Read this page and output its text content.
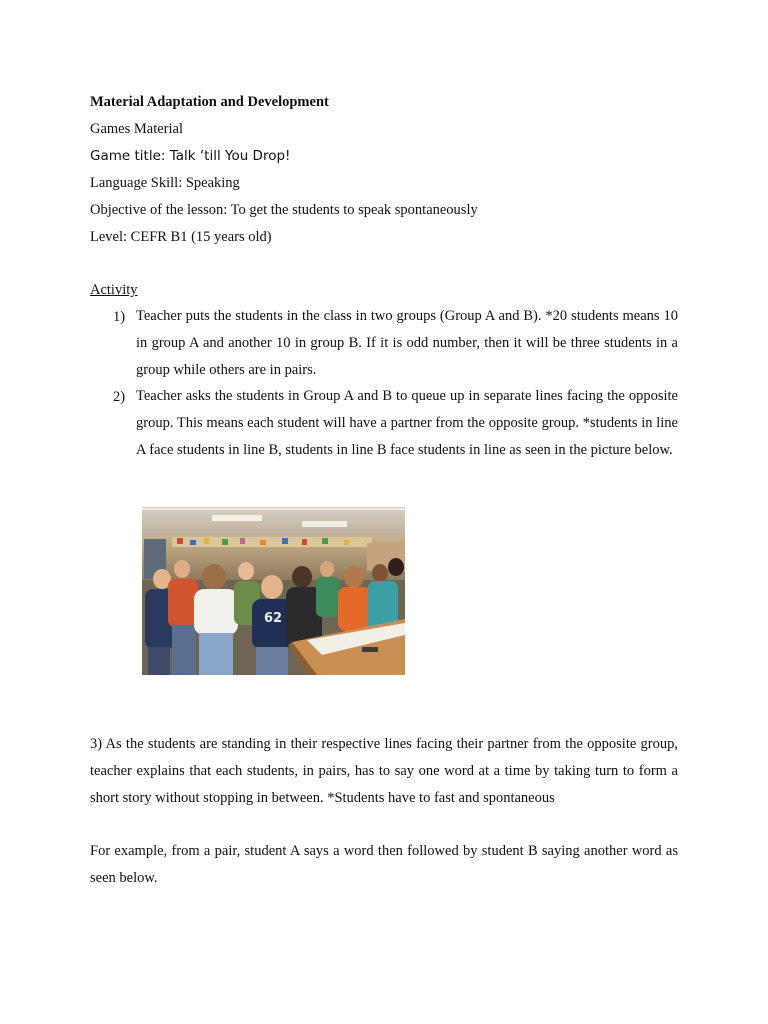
Material Adaptation and Development
Games Material
Game title: Talk ‘till You Drop!
Language Skill: Speaking
Objective of the lesson: To get the students to speak spontaneously
Level: CEFR B1 (15 years old)
Activity
1) Teacher puts the students in the class in two groups (Group A and B). *20 students means 10 in group A and another 10 in group B. If it is odd number, then it will be three students in a group while others are in pairs.
2) Teacher asks the students in Group A and B to queue up in separate lines facing the opposite group. This means each student will have a partner from the opposite group. *students in line A face students in line B, students in line B face students in line as seen in the picture below.
62
3) As the students are standing in their respective lines facing their partner from the opposite group, teacher explains that each students, in pairs, has to say one word at a time by taking turn to form a short story without stopping in between. *Students have to fast and spontaneous
For example, from a pair, student A says a word then followed by student B saying another word as seen below.
